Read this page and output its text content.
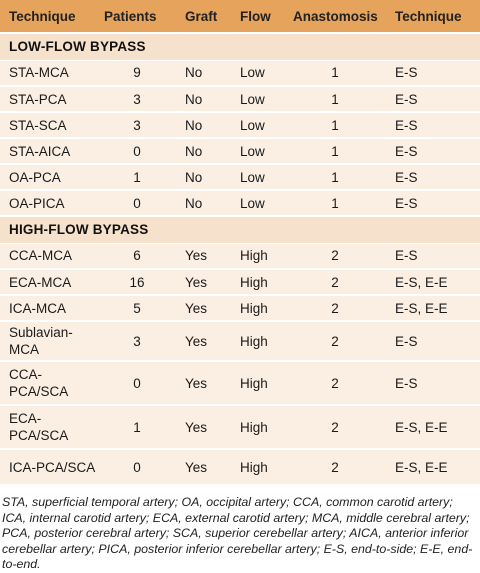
Technique	Patients	Graft	Flow	Anastomosis	Technique
LOW-FLOW BYPASS					
STA-MCA	9	No	Low	1	E-S
STA-PCA	3	No	Low	1	E-S
STA-SCA	3	No	Low	1	E-S
STA-AICA	0	No	Low	1	E-S
OA-PCA	1	No	Low	1	E-S
OA-PICA	0	No	Low	1	E-S
HIGH-FLOW BYPASS					
CCA-MCA	6	Yes	High	2	E-S
ECA-MCA	16	Yes	High	2	E-S, E-E
ICA-MCA	5	Yes	High	2	E-S, E-E
Sublavian-MCA	3	Yes	High	2	E-S
CCA-PCA/SCA	0	Yes	High	2	E-S
ECA-PCA/SCA	1	Yes	High	2	E-S, E-E
ICA-PCA/SCA	0	Yes	High	2	E-S, E-E

STA, superficial temporal artery; OA, occipital artery; CCA, common carotid artery; ICA, internal carotid artery; ECA, external carotid artery; MCA, middle cerebral artery; PCA, posterior cerebral artery; SCA, superior cerebellar artery; AICA, anterior inferior cerebellar artery; PICA, posterior inferior cerebellar artery; E-S, end-to-side; E-E, end-to-end.
